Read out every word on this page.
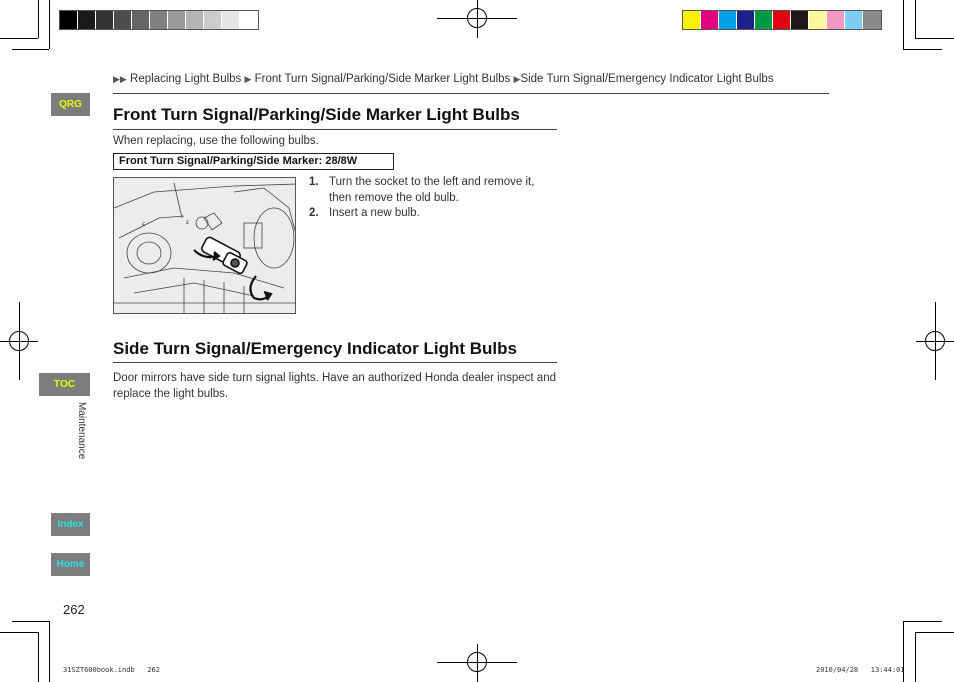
▶▶ Replacing Light Bulbs ▶ Front Turn Signal/Parking/Side Marker Light Bulbs ▶Side Turn Signal/Emergency Indicator Light Bulbs
QRG
TOC
Maintenance
Index
Home
Front Turn Signal/Parking/Side Marker Light Bulbs
When replacing, use the following bulbs.
Front Turn Signal/Parking/Side Marker: 28/8W
ε	ε
1. Turn the socket to the left and remove it, then remove the old bulb.
2. Insert a new bulb.
Side Turn Signal/Emergency Indicator Light Bulbs
Door mirrors have side turn signal lights. Have an authorized Honda dealer inspect and replace the light bulbs.
262
31SZT600book.indb   262	2010/04/28   13:44:01
